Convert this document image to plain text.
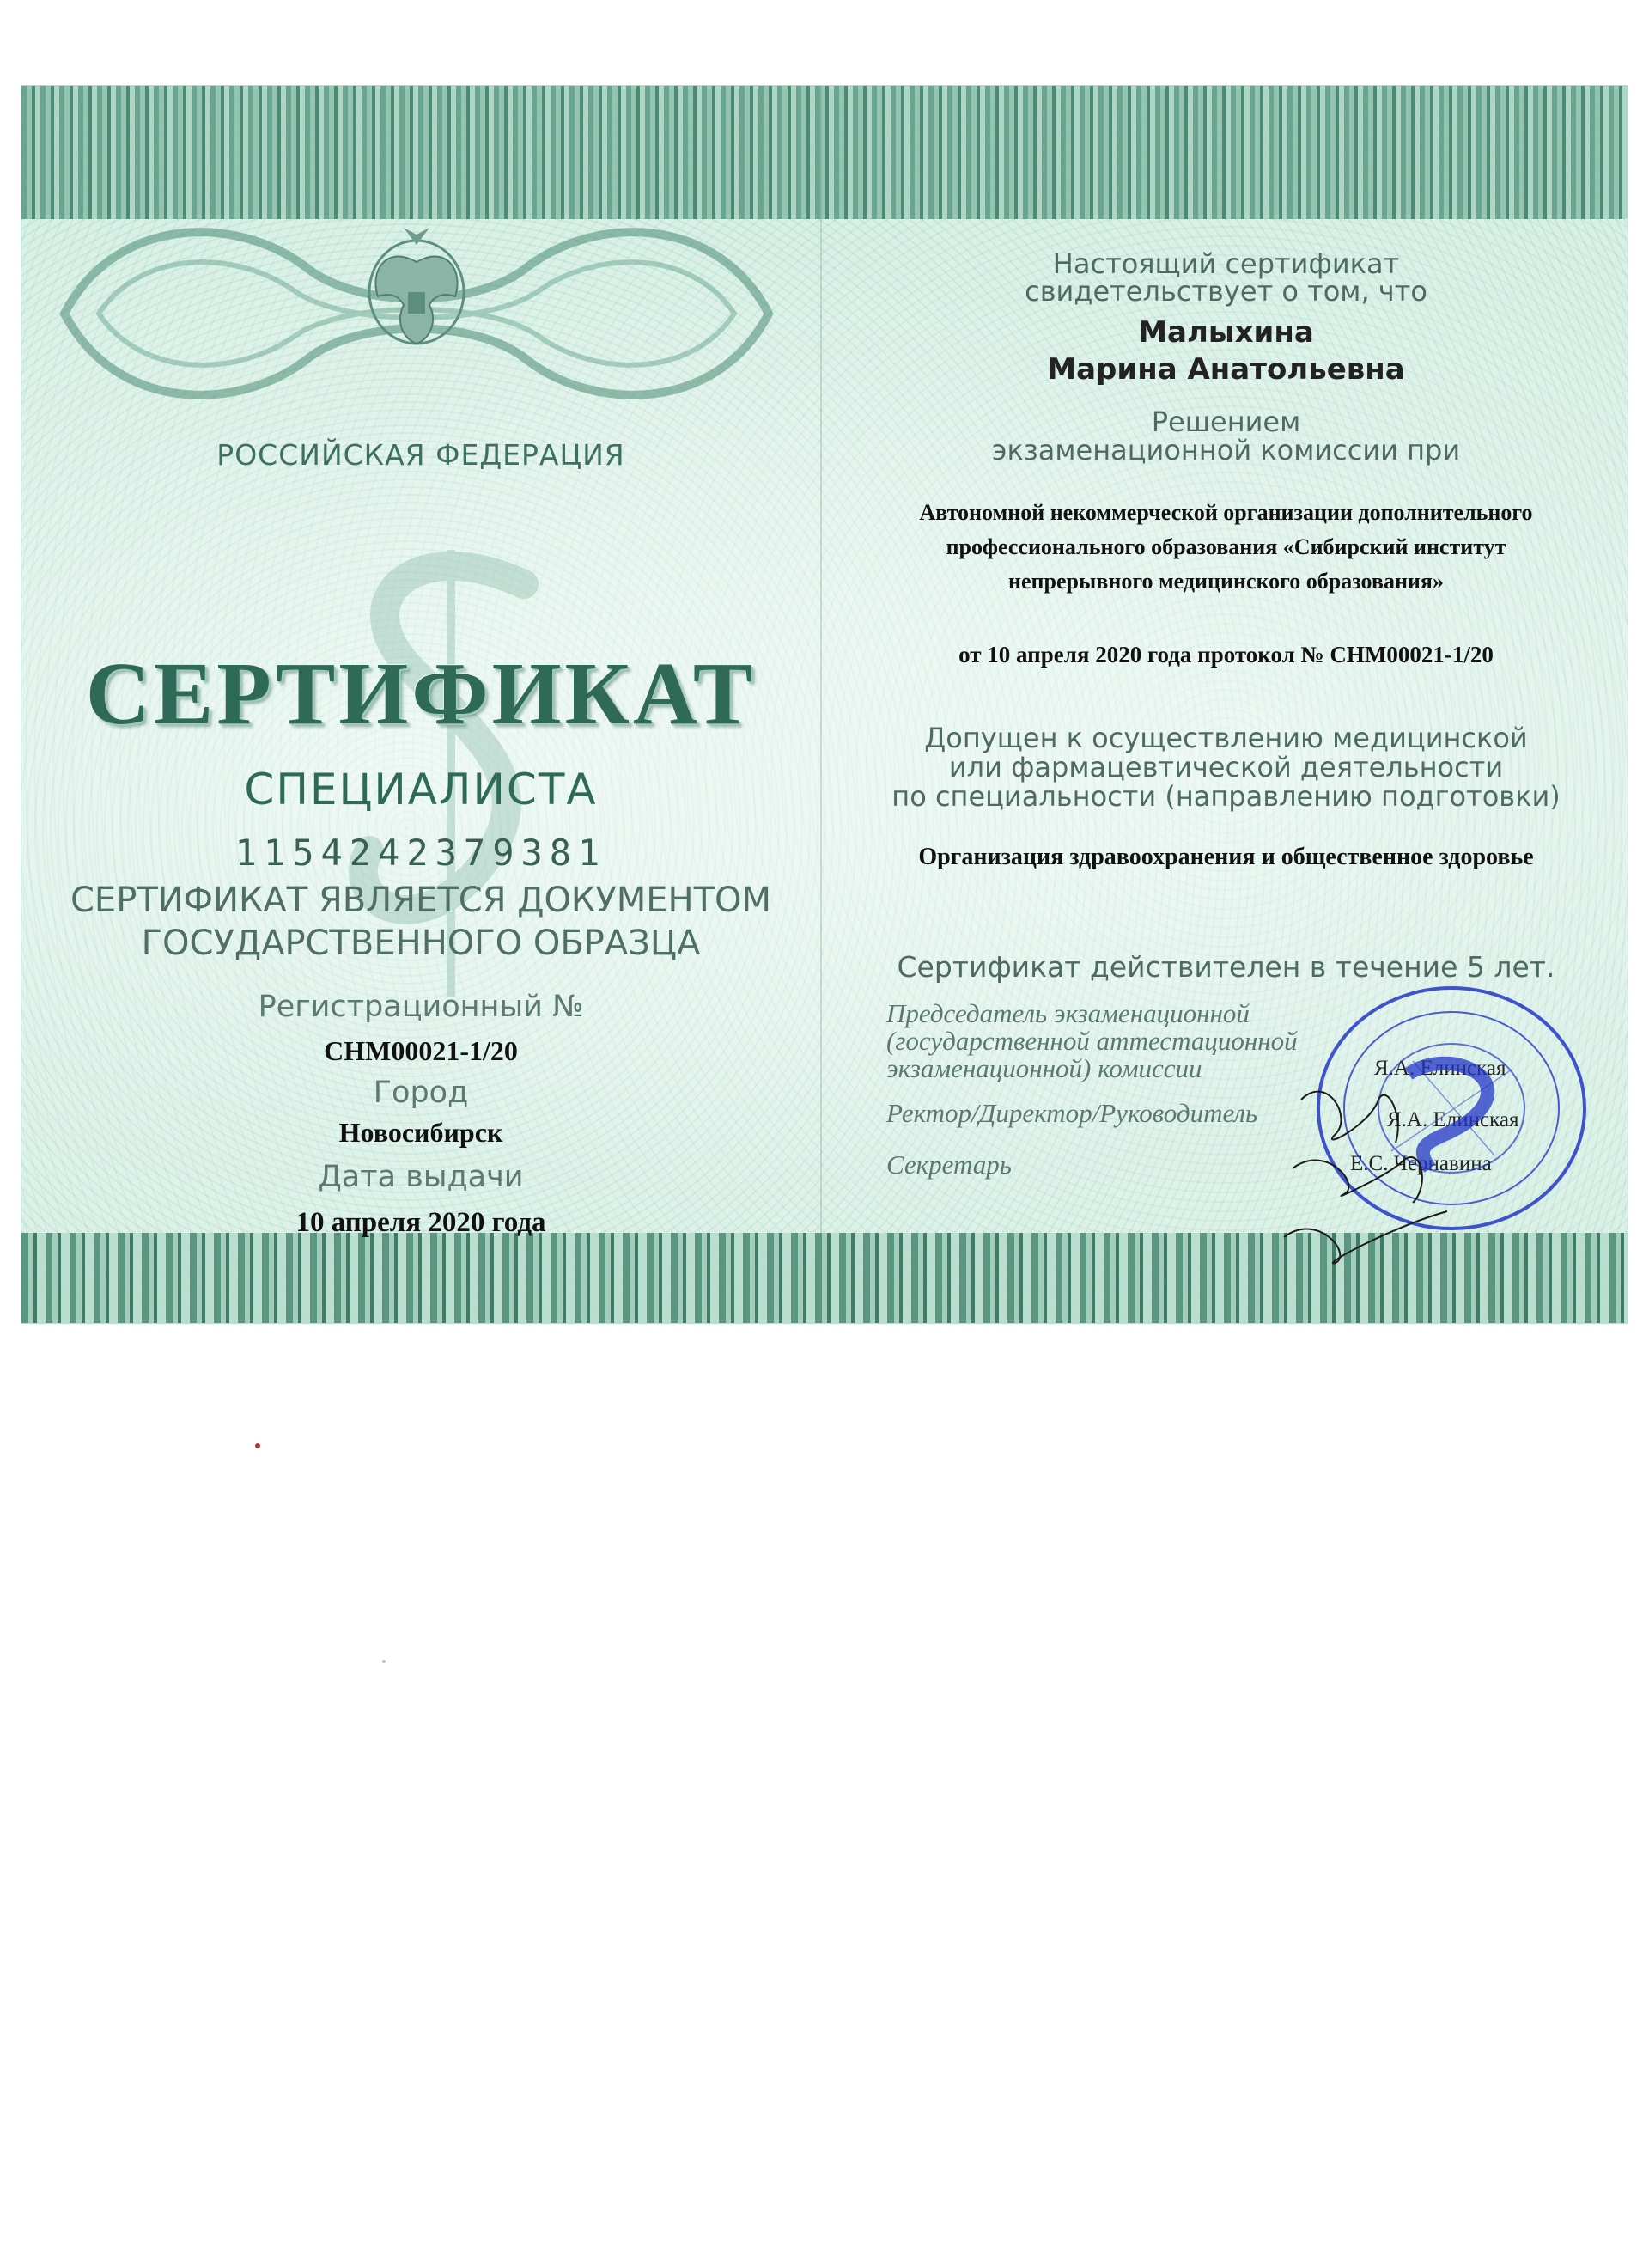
РОССИЙСКАЯ ФЕДЕРАЦИЯ

СЕРТИФИКАТ

СПЕЦИАЛИСТА

1154242379381

СЕРТИФИКАТ ЯВЛЯЕТСЯ ДОКУМЕНТОМ

ГОСУДАРСТВЕННОГО ОБРАЗЦА

Регистрационный №

СНМ00021-1/20

Город

Новосибирск

Дата выдачи

10 апреля 2020 года

Настоящий сертификат

свидетельствует о том, что

Малыхина

Марина Анатольевна

Решением

экзаменационной комиссии при

Автономной некоммерческой организации дополнительного

профессионального образования «Сибирский институт

непрерывного медицинского образования»

от 10 апреля 2020 года протокол № СНМ00021-1/20

Допущен к осуществлению медицинской

или фармацевтической деятельности

по специальности (направлению подготовки)

Организация здравоохранения и общественное здоровье

Сертификат действителен в течение 5 лет.

Председатель экзаменационной

(государственной аттестационной

экзаменационной) комиссии

Ректор/Директор/Руководитель

Секретарь

Я.А. Елинская

Я.А. Елинская

Е.С. Чернавина
